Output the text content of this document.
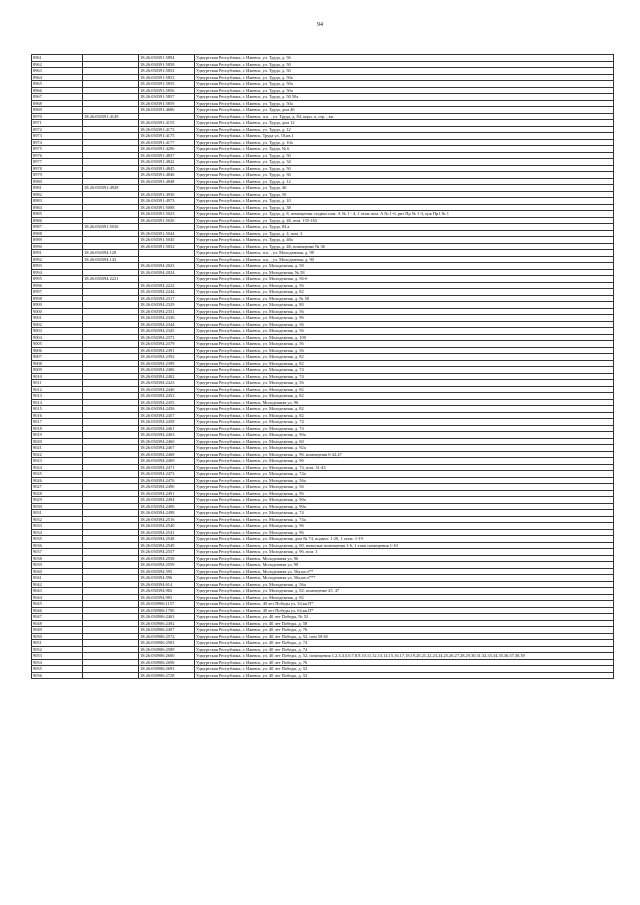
94
8961		18:26:030391:5894	Удмуртская Республика, г. Ижевск, ул. Труда, д. 56
8962		18:26:030391:5858	Удмуртская Республика, г. Ижевск, ул. Труда, д. 50
8963		18:26:030391:5852	Удмуртская Республика, г. Ижевск, ул. Труда, д. 50
8964		18:26:030391:5853	Удмуртская Республика, г. Ижевск, ул. Труда, д. 50а
8965		18:26:030391:5855	Удмуртская Республика, г. Ижевск, ул. Труда, д. 50а
8966		18:26:030391:5856	Удмуртская Республика, г. Ижевск, ул. Труда, д. 50а
8967		18:26:030391:5857	Удмуртская Республика, г. Ижевск, ул. Труда, д. 50 50а
8968		18:26:030391:5859	Удмуртская Республика, г. Ижевск, ул. Труда, д. 50а
8969		18:26:030391:4686	Удмуртская Республика, г. Ижевск, ул. Труда, дом 46
8970	18:26:030391:4149		Удмуртская Республика, г. Ижевск, п.п. , ул. Труда, д. 84, корп. а, стр. , кв.
8971		18:26:030391:4155	Удмуртская Республика, г. Ижевск, ул. Труда, дом 12
8972		18:26:030391:4173	Удмуртская Республика, г. Ижевск, ул. Труда, д. 12
8973		18:26:030391:4175	Удмуртская Республика, г. Ижевск, Труда ул, 10,кв.1
8974		18:26:030391:4177	Удмуртская Республика, г. Ижевск, ул. Труда, д. 10а
8975		18:26:030391:4296	Удмуртская Республика, г. Ижевск, ул. Труда, № 6
8976		18:26:030391:4837	Удмуртская Республика, г. Ижевск, ул. Труда, д. 50
8977		18:26:030391:4842	Удмуртская Республика, г. Ижевск, ул. Труда, д. 34
8978		18:26:030391:4845	Удмуртская Республика, г. Ижевск, ул. Труда, д. 50
8979		18:26:030391:4846	Удмуртская Республика, г. Ижевск, ул. Труда, д. 36
8980		18:26:030391:4848	Удмуртская Республика, г. Ижевск, ул. Труда, д. 12
8981	18:26:030391:4928		Удмуртская Республика, г. Ижевск, ул. Труда, 46
8982		18:26:030391:4930	Удмуртская Республика, г. Ижевск, ул. Труда, 50
8983		18:26:030391:4973	Удмуртская Республика, г. Ижевск, ул. Труда, д. 10
8984		18:26:030391:5008	Удмуртская Республика, г. Ижевск, ул. Труда, д. 38
8985		18:26:030391:5023	Удмуртская Республика, г. Ижевск, ул. Труда, д. 8, помещения: подвал пом. А № 1 - 4, 1 этаж пом. А № 1-6, рит Пр № 1-3, цок Пр1 № 1
8986		18:26:030391:5026	Удмуртская Республика, г. Ижевск, ул. Труда, д. 48, пом. 135-163
8987	18:26:030391:5036		Удмуртская Республика, г. Ижевск, ул. Труда, 84 а
8988		18:26:030391:5044	Удмуртская Республика, г. Ижевск, ул. Труда, д. 4, пом. 3
8989		18:26:030391:5045	Удмуртская Республика, г. Ижевск, ул. Труда, д. 48а
8990		18:26:030391:5052	Удмуртская Республика, г. Ижевск, ул. Труда, д. 48, помещение № 36
8991	18:26:030394:128		Удмуртская Республика, г. Ижевск, п.п. , ул. Молодежная, д. 98
8992	18:26:030394:143		Удмуртская Республика, г. Ижевск, п.п. , ул. Молодежная, д. 90
8993		18:26:030394:2023	Удмуртская Республика, г. Ижевск, ул. Молодежная, д. 58
8994		18:26:030394:2024	Удмуртская Республика, г. Ижевск, ул. Молодежная, № 58
8995	18:26:030394:2221		Удмуртская Республика, г. Ижевск, ул. Молодежная, д. 56-б
8996		18:26:030394:2222	Удмуртская Республика, г. Ижевск, ул. Молодежная, д. 56
8997		18:26:030394:2244	Удмуртская Республика, г. Ижевск, ул. Молодежная, д. 82
8998		18:26:030394:2317	Удмуртская Республика, г. Ижевск, ул. Молодежная, д. № 58
8999		18:26:030394:2329	Удмуртская Республика, г. Ижевск, ул. Молодежная, д. 80
9000		18:26:030394:2331	Удмуртская Республика, г. Ижевск, ул. Молодежная, д. 56
9001		18:26:030394:2336	Удмуртская Республика, г. Ижевск, ул. Молодежная, д. 96
9002		18:26:030394:2344	Удмуртская Республика, г. Ижевск, ул. Молодежная, д. 56
9003		18:26:030394:2345	Удмуртская Республика, г. Ижевск, ул. Молодежная, д. 56
9004		18:26:030394:2373	Удмуртская Республика, г. Ижевск, ул. Молодежная, д. 100
9005		18:26:030394:2379	Удмуртская Республика, г. Ижевск, ул. Молодежная, д. 56
9006		18:26:030394:2391	Удмуртская Республика, г. Ижевск, ул. Молодежная, д. 56
9007		18:26:030394:2392	Удмуртская Республика, г. Ижевск, ул. Молодежная, д. 82
9008		18:26:030394:2399	Удмуртская Республика, г. Ижевск, ул. Молодежная, д. 82
9009		18:26:030394:2406	Удмуртская Республика, г. Ижевск, ул. Молодежная, д. 74
9010		18:26:030394:2402	Удмуртская Республика, г. Ижевск, ул. Молодежная, д. 74
9011		18:26:030394:2423	Удмуртская Республика, г. Ижевск, ул. Молодежная, д. 56
9012		18:26:030394:2446	Удмуртская Республика, г. Ижевск, ул. Молодежная, д. 82
9013		18:26:030394:2452	Удмуртская Республика, г. Ижевск, ул. Молодежная, д. 82
9014		18:26:030394:2455	Удмуртская Республика, г. Ижевск, Молодежная ул, 96
9015		18:26:030394:2456	Удмуртская Республика, г. Ижевск, ул. Молодежная, д. 82
9016		18:26:030394:2457	Удмуртская Республика, г. Ижевск, ул. Молодежная, д. 82
9017		18:26:030394:2458	Удмуртская Республика, г. Ижевск, ул. Молодежная, д. 74
9018		18:26:030394:2461	Удмуртская Республика, г. Ижевск, ул. Молодежная, д. 74
9019		18:26:030394:2463	Удмуртская Республика, г. Ижевск, ул. Молодежная, д. 90а
9020		18:26:030394:2466	Удмуртская Республика, г. Ижевск, ул. Молодежная, д. 60
9021		18:26:030394:2467	Удмуртская Республика, г. Ижевск, ул. Молодежная, д. 92а
9022		18:26:030394:2468	Удмуртская Республика, г. Ижевск, ул. Молодежная, д. 96, помещения 6-42,47
9023		18:26:030394:2469	Удмуртская Республика, г. Ижевск, ул. Молодежная, д. 96
9024		18:26:030394:2471	Удмуртская Республика, г. Ижевск, ул. Молодежная, д. 74, пом. 31-43
9025		18:26:030394:2473	Удмуртская Республика, г. Ижевск, ул. Молодежная, д. 74а
9026		18:26:030394:2476	Удмуртская Республика, г. Ижевск, ул. Молодежная, д. 56а
9027		18:26:030394:2490	Удмуртская Республика, г. Ижевск, ул. Молодежная, д. 56
9028		18:26:030394:2491	Удмуртская Республика, г. Ижевск, ул. Молодежная, д. 96
9029		18:26:030394:2494	Удмуртская Республика, г. Ижевск, ул. Молодежная, д. 90а
9030		18:26:030394:2496	Удмуртская Республика, г. Ижевск, ул. Молодежная, д. 90а
9031		18:26:030394:2498	Удмуртская Республика, г. Ижевск, ул. Молодежная, д. 74
9032		18:26:030394:2516	Удмуртская Республика, г. Ижевск, ул. Молодежная, д. 74а
9033		18:26:030394:2540	Удмуртская Республика, г. Ижевск, ул. Молодежная, д. 96
9034		18:26:030394:2541	Удмуртская Республика, г. Ижевск, ул. Молодежная, д. 96
9035		18:26:030394:2548	Удмуртская Республика, г. Ижевск, ул. Молодежная, дом № 74, подвал: 1-20, 1 этаж: 1-19
9036		18:26:030394:2549	Удмуртская Республика, г. Ижевск, ул. Молодежная, д. 60, нежилые помещения 1-6, 1 этаж помещения 1-10
9037		18:26:030394:2557	Удмуртская Республика, г. Ижевск, ул. Молодежная, д. 96, пом. 1
9038		18:26:030394:2558	Удмуртская Республика, г. Ижевск, Молодежная ул, 96
9039		18:26:030394:2559	Удмуртская Республика, г. Ижевск, Молодежная ул, 98
9040		18:26:030394:595	Удмуртская Республика, г. Ижевск, Молодежная ул, 56а,кв.п**
9041		18:26:030394:596	Удмуртская Республика, г. Ижевск, Молодежная ул, 56а,кв.п***
9042		18:26:030394:614	Удмуртская Республика, г. Ижевск, ул. Молодежная, д. 56а
9043		18:26:030394:982	Удмуртская Республика, г. Ижевск, ул. Молодежная, д. 82, помещение 45, 47
9044		18:26:030394:983	Удмуртская Республика, г. Ижевск, ул. Молодежная, д. 82
9045		18:26:030906:1157	Удмуртская Республика, г. Ижевск, 40 лет Победы ул, 34,кв.П*
9046		18:26:030906:1700	Удмуртская Республика, г. Ижевск, 40 лет Победы ул, 64,кв.П*
9047		18:26:030906:2463	Удмуртская Республика, г. Ижевск, ул. 40 лет Победы, № 52
9048		18:26:030906:2492	Удмуртская Республика, г. Ижевск, ул. 40 лет Победы, д. 58
9049		18:26:030906:2497	Удмуртская Республика, г. Ижевск, ул. 40 лет Победы, д. 76
9050		18:26:030906:2572	Удмуртская Республика, г. Ижевск, ул. 40 лет Победы, д. 52, пом 50-65
9051		18:26:030906:2583	Удмуртская Республика, г. Ижевск, ул. 40 лет Победы, д. 74
9052		18:26:030906:2589	Удмуртская Республика, г. Ижевск, ул. 40 лет Победы, д. 74
9053		18:26:030906:2600	Удмуртская Республика, г. Ижевск, ул. 40 лет Победы, д. 52, помещения 1,2,3,4,5,6,7,8,9,10,11,12,13,14,15,16,17,18,19,20,21,22,23,24,25,26,27,28,29,30,31,32,33,34,35,36,37,38,39
9054		18:26:030906:2698	Удмуртская Республика, г. Ижевск, ул. 40 лет Победы, д. 76
9055		18:26:030906:2693	Удмуртская Республика, г. Ижевск, ул. 40 лет Победы, д. 52
9056		18:26:030906:2728	Удмуртская Республика, г. Ижевск, ул. 40 лет Победы, д. 52
